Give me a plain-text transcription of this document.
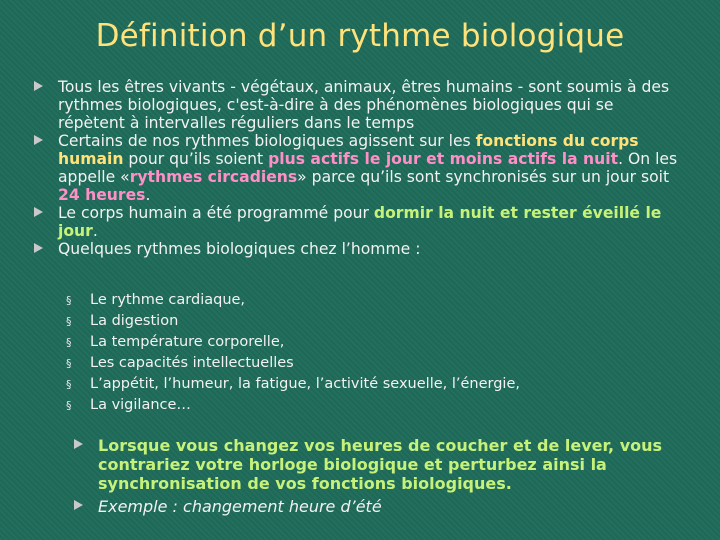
Définition d’un rythme biologique
Tous les êtres vivants - végétaux, animaux, êtres humains - sont soumis à des rythmes biologiques, c'est-à-dire à des phénomènes biologiques qui se répètent à intervalles réguliers dans le temps
Certains de nos rythmes biologiques agissent sur les fonctions du corps humain pour qu’ils soient plus actifs le jour et moins actifs la nuit. On les appelle «rythmes circadiens» parce qu’ils sont synchronisés sur un jour soit 24 heures.
Le corps humain a été programmé pour dormir la nuit et rester éveillé le jour.
Quelques rythmes biologiques chez l’homme :
§ Le rythme cardiaque,
§ La digestion
§ La température corporelle,
§ Les capacités intellectuelles
§ L’appétit, l’humeur, la fatigue, l’activité sexuelle, l’énergie,
§ La vigilance…
Lorsque vous changez vos heures de coucher et de lever, vous contrariez votre horloge biologique et perturbez ainsi la synchronisation de vos fonctions biologiques.
Exemple : changement heure d’été
